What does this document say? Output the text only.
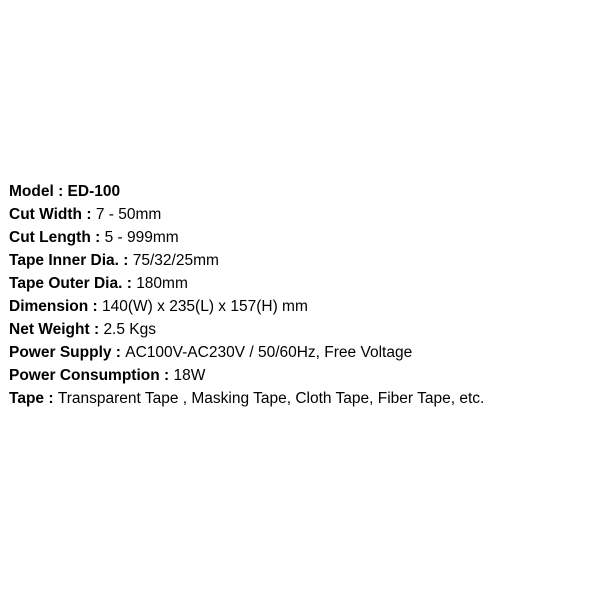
Model : ED-100
Cut Width : 7 - 50mm
Cut Length : 5 - 999mm
Tape Inner Dia. : 75/32/25mm
Tape Outer Dia. : 180mm
Dimension : 140(W) x 235(L) x 157(H) mm
Net Weight : 2.5 Kgs
Power Supply : AC100V-AC230V / 50/60Hz, Free Voltage
Power Consumption : 18W
Tape : Transparent Tape , Masking Tape, Cloth Tape, Fiber Tape, etc.
